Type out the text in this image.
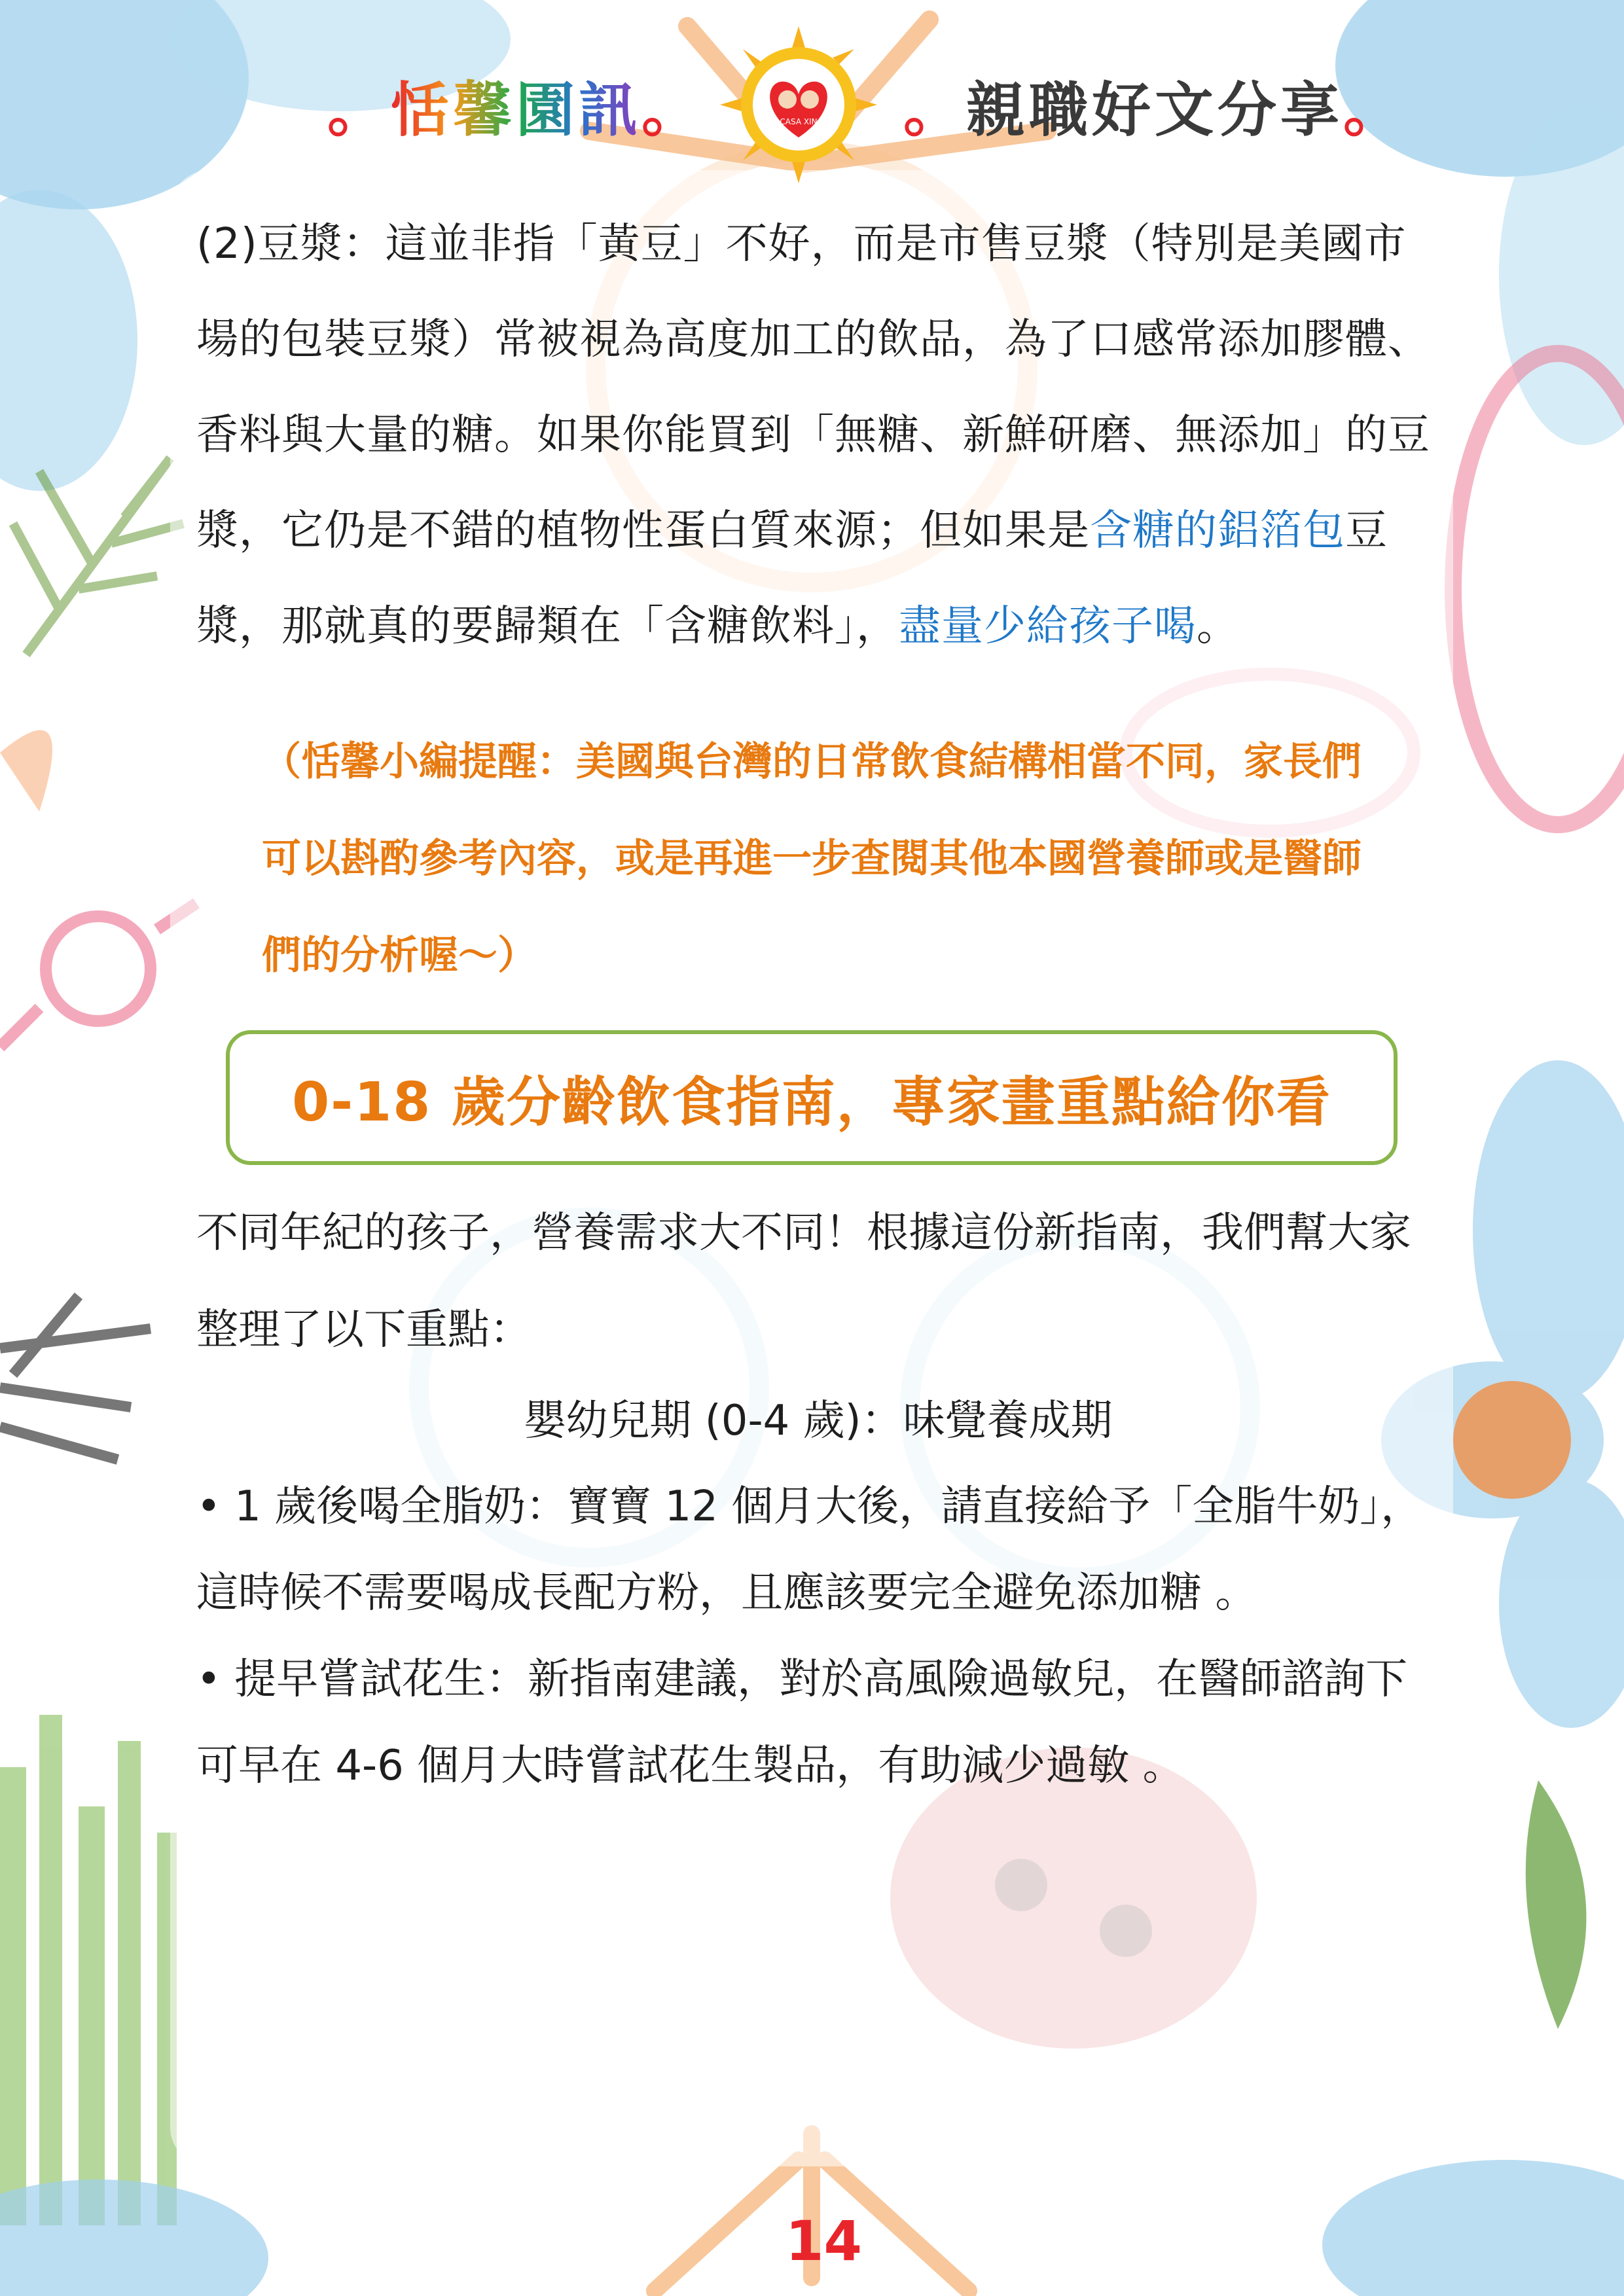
。恬馨園訊。	CASA XIN 。親職好文分享。

(2)豆漿：這並非指「黃豆」不好，而是市售豆漿（特別是美國市場的包裝豆漿）常被視為高度加工的飲品，為了口感常添加膠體、香料與大量的糖。如果你能買到「無糖、新鮮研磨、無添加」的豆漿，它仍是不錯的植物性蛋白質來源；但如果是含糖的鋁箔包豆漿，那就真的要歸類在「含糖飲料」，盡量少給孩子喝。

（恬馨小編提醒：美國與台灣的日常飲食結構相當不同，家長們可以斟酌參考內容，或是再進一步查閱其他本國營養師或是醫師們的分析喔～）

0-18 歲分齡飲食指南，專家畫重點給你看

不同年紀的孩子，營養需求大不同！根據這份新指南，我們幫大家整理了以下重點：

嬰幼兒期 (0-4 歲)：味覺養成期

• 1 歲後喝全脂奶：寶寶 12 個月大後，請直接給予「全脂牛奶」，這時候不需要喝成長配方粉，且應該要完全避免添加糖 。

• 提早嘗試花生：新指南建議，對於高風險過敏兒，在醫師諮詢下可早在 4-6 個月大時嘗試花生製品，有助減少過敏 。

14
